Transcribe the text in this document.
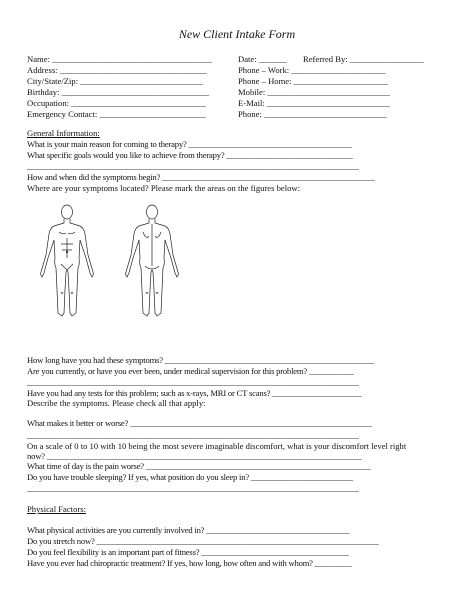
New Client Intake Form
Name: _______________________________________
Address: ____________________________________
City/State/Zip: ______________________________
Birthday: ____________________________________
Occupation: _________________________________
Emergency Contact: __________________________
Date: _______ Referred By: __________________
Phone – Work: _______________________
Phone – Home: _______________________
Mobile: ______________________________
E-Mail: ______________________________
Phone: ______________________________
General Information:
What is your main reason for coming to therapy? ________________________________________
What specific goals would you like to achieve from therapy? _______________________________
_________________________________________________________________________________
How and when did the symptoms begin? ____________________________________________________
Where are your symptoms located? Please mark the areas on the figures below:
How long have you had these symptoms? ___________________________________________________
Are you currently, or have you ever been, under medical supervision for this problem? ___________
_________________________________________________________________________________
Have you had any tests for this problem; such as x-rays, MRI or CT scans? ______________________
Describe the symptoms. Please check all that apply:
What makes it better or worse? ___________________________________________________________
_________________________________________________________________________________
On a scale of 0 to 10 with 10 being the most severe imaginable discomfort, what is your discomfort level right
now? _____________________________________________________________________________
What time of day is the pain worse? _______________________________________________________
Do you have trouble sleeping? If yes, what position do you sleep in? _________________________
_________________________________________________________________________________
Physical Factors:
What physical activities are you currently involved in? ___________________________________
Do you stretch now? _____________________________________________________________________
Do you feel flexibility is an important part of fitness? ____________________________________
Have you ever had chiropractic treatment? If yes, how long, how often and with whom? _________
